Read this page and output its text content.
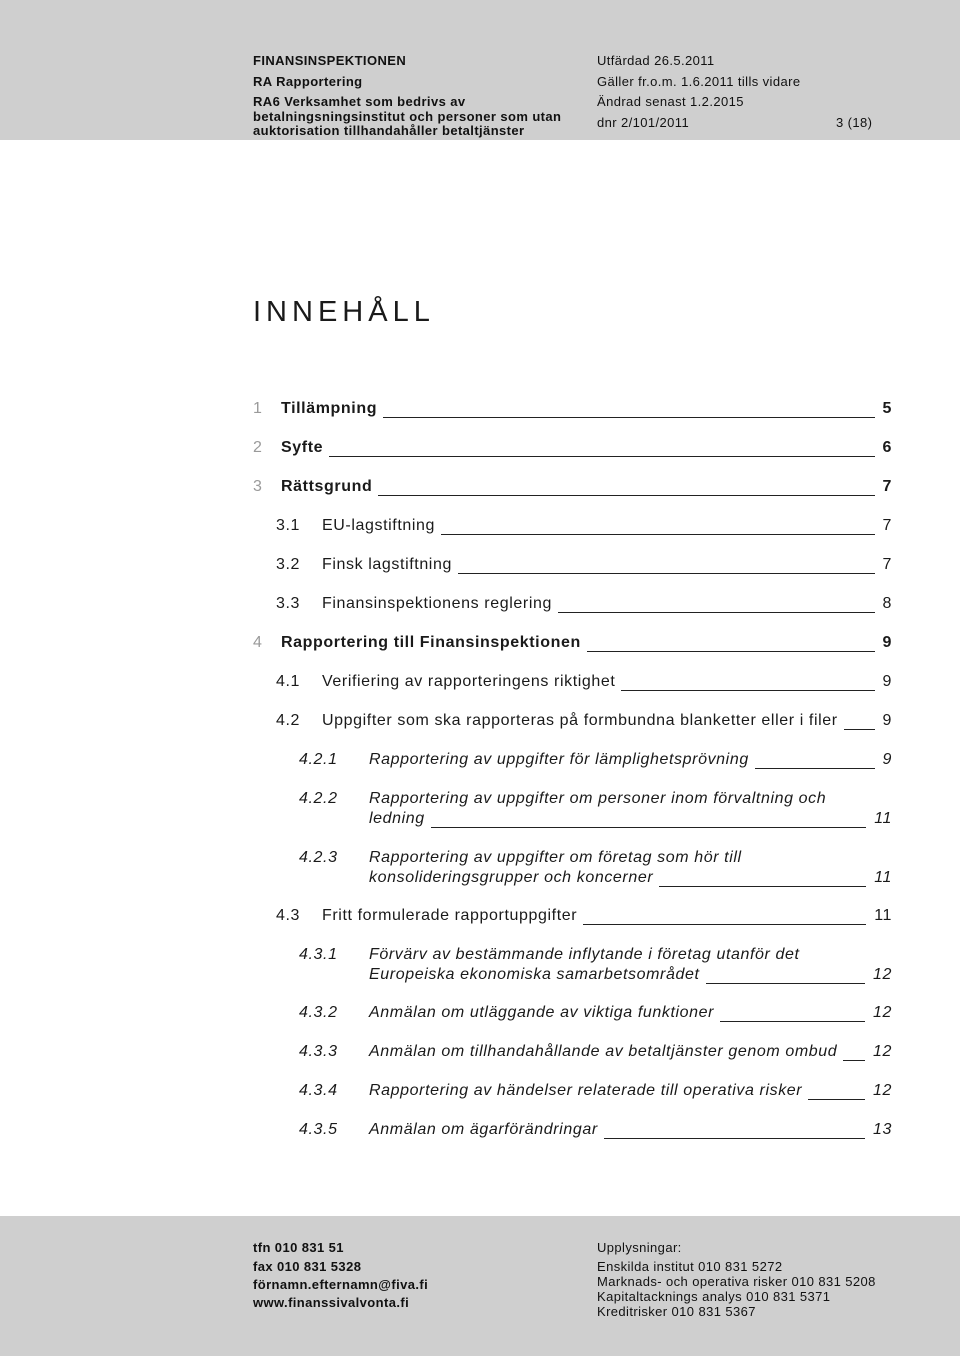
FINANSINSPEKTIONEN
RA Rapportering
RA6 Verksamhet som bedrivs av
betalningsningsinstitut och personer som utan
auktorisation tillhandahåller betaltjänster
Utfärdad 26.5.2011
Gäller fr.o.m. 1.6.2011 tills vidare
Ändrad senast 1.2.2015
dnr 2/101/2011	3 (18)
INNEHÅLL
1 Tillämpning	5
2 Syfte	6
3 Rättsgrund	7
3.1 EU-lagstiftning	7
3.2 Finsk lagstiftning	7
3.3 Finansinspektionens reglering	8
4 Rapportering till Finansinspektionen	9
4.1 Verifiering av rapporteringens riktighet	9
4.2 Uppgifter som ska rapporteras på formbundna blanketter eller i filer	9
4.2.1 Rapportering av uppgifter för lämplighetsprövning	9
4.2.2 Rapportering av uppgifter om personer inom förvaltning och
ledning	11
4.2.3 Rapportering av uppgifter om företag som hör till
konsolideringsgrupper och koncerner	11
4.3 Fritt formulerade rapportuppgifter	11
4.3.1 Förvärv av bestämmande inflytande i företag utanför det
Europeiska ekonomiska samarbetsområdet	12
4.3.2 Anmälan om utläggande av viktiga funktioner	12
4.3.3 Anmälan om tillhandahållande av betaltjänster genom ombud 12
4.3.4 Rapportering av händelser relaterade till operativa risker	12
4.3.5 Anmälan om ägarförändringar	13
tfn 010 831 51
fax 010 831 5328
förnamn.efternamn@fiva.fi
www.finanssivalvonta.fi
Upplysningar:
Enskilda institut 010 831 5272
Marknads- och operativa risker 010 831 5208
Kapitaltacknings analys 010 831 5371
Kreditrisker 010 831 5367
